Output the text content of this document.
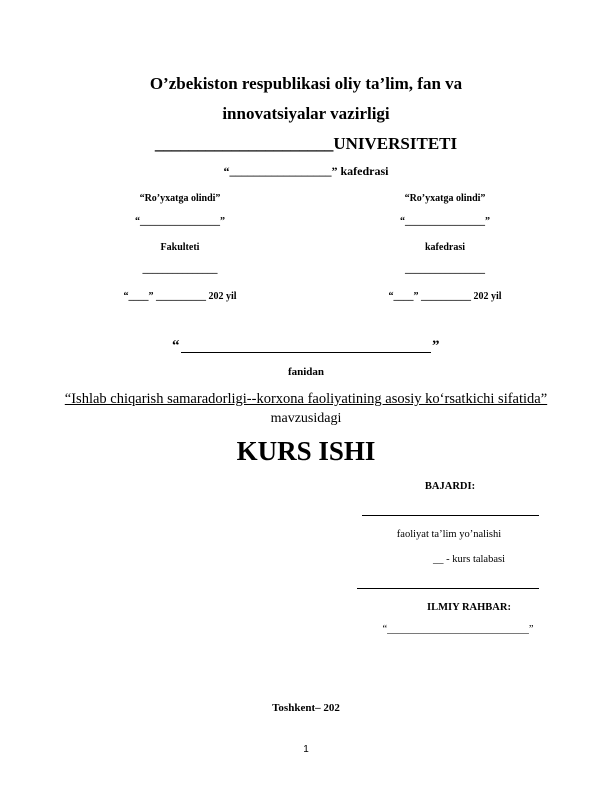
O’zbekiston respublikasi oliy ta’lim, fan va
innovatsiyalar vazirligi
_____________________UNIVERSITETI
“_________________” kafedrasi
“Ro’yxatga olindi”
“________________”
Fakulteti
_______________
“____” __________ 202 yil
“Ro’yxatga olindi”
“________________”
kafedrasi
________________
“____” __________ 202 yil
“	”
fanidan
“Ishlab chiqarish samaradorligi--korxona faoliyatining asosiy ko‘rsatkichi sifatida”
mavzusidagi
KURS ISHI
BAJARDI:
faoliyat ta’lim yo’nalishi
__ - kurs talabasi
ILMIY RAHBAR:
“___________________________”
Toshkent– 202
1
